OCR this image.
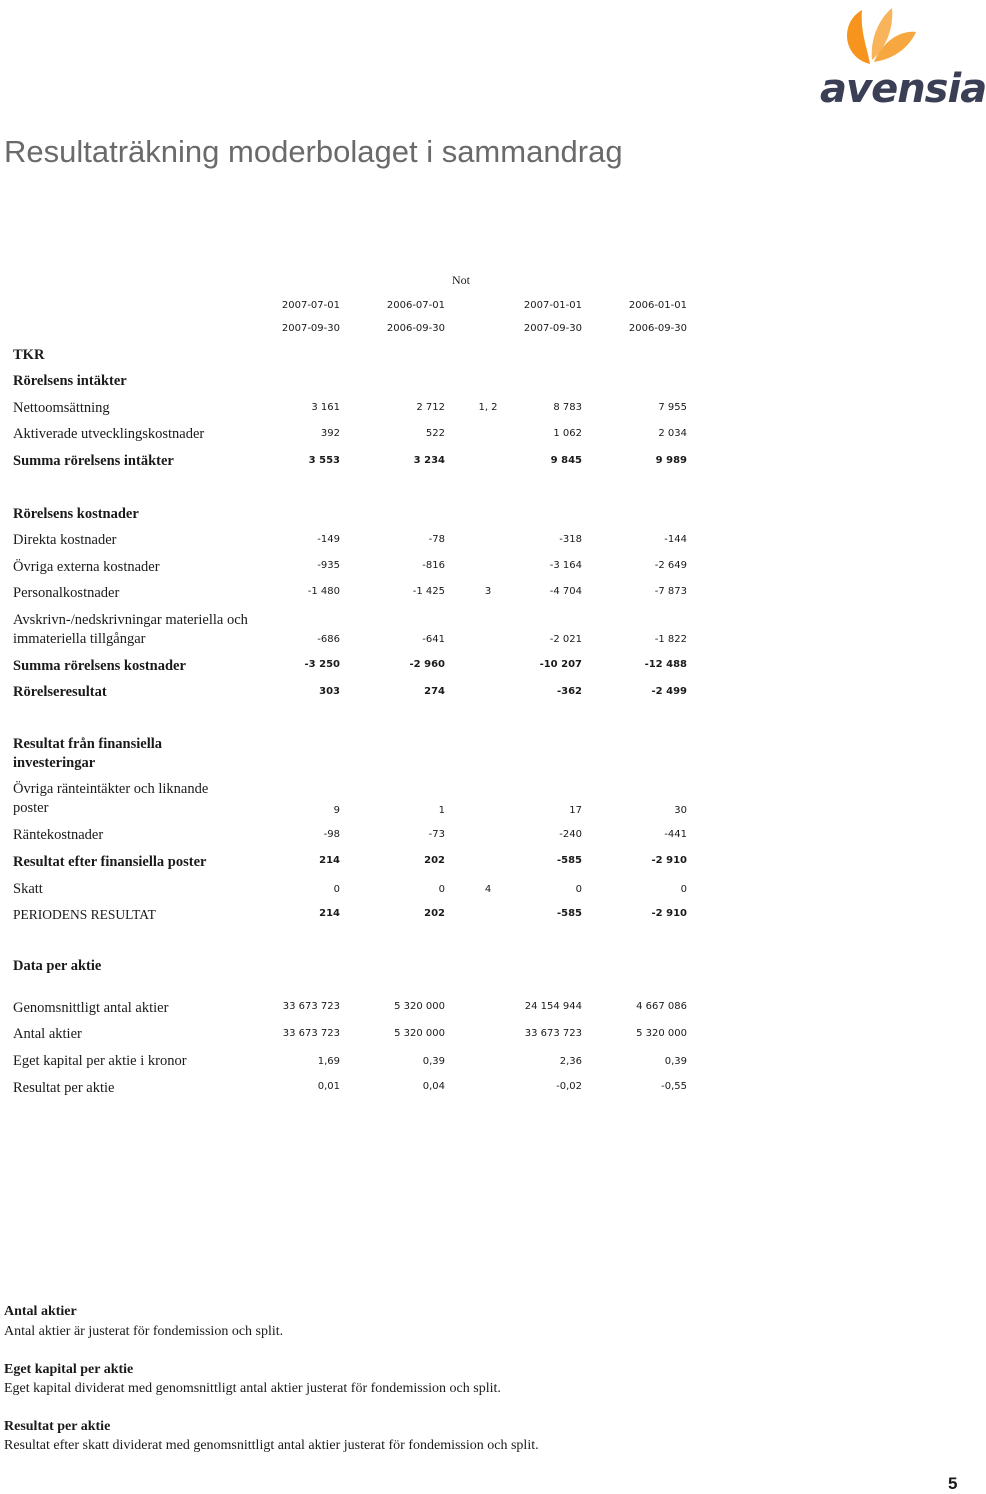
avensia
Resultaträkning moderbolaget i sammandrag
Not
2007-07-01	2006-07-01	2007-01-01	2006-01-01
2007-09-30	2006-09-30	2007-09-30	2006-09-30
TKR
Rörelsens intäkter
Nettoomsättning	3 161	2 712	1, 2	8 783	7 955
Aktiverade utvecklingskostnader	392	522	1 062	2 034
Summa rörelsens intäkter	3 553	3 234	9 845	9 989
Rörelsens kostnader
Direkta kostnader	-149	-78	-318	-144
Övriga externa kostnader	-935	-816	-3 164	-2 649
Personalkostnader	-1 480	-1 425	3	-4 704	-7 873
Avskrivn-/nedskrivningar materiella och immateriella tillgångar	-686	-641	-2 021	-1 822
Summa rörelsens kostnader	-3 250	-2 960	-10 207	-12 488
Rörelseresultat	303	274	-362	-2 499
Resultat från finansiella investeringar
Övriga ränteintäkter och liknande poster	9	1	17	30
Räntekostnader	-98	-73	-240	-441
Resultat efter finansiella poster	214	202	-585	-2 910
Skatt	0	0	4	0	0
PERIODENS RESULTAT	214	202	-585	-2 910
Data per aktie
Genomsnittligt antal aktier	33 673 723	5 320 000	24 154 944	4 667 086
Antal aktier	33 673 723	5 320 000	33 673 723	5 320 000
Eget kapital per aktie i kronor	1,69	0,39	2,36	0,39
Resultat per aktie	0,01	0,04	-0,02	-0,55
Antal aktier
Antal aktier är justerat för fondemission och split.
Eget kapital per aktie
Eget kapital dividerat med genomsnittligt antal aktier justerat för fondemission och split.
Resultat per aktie
Resultat efter skatt dividerat med genomsnittligt antal aktier justerat för fondemission och split.
5
